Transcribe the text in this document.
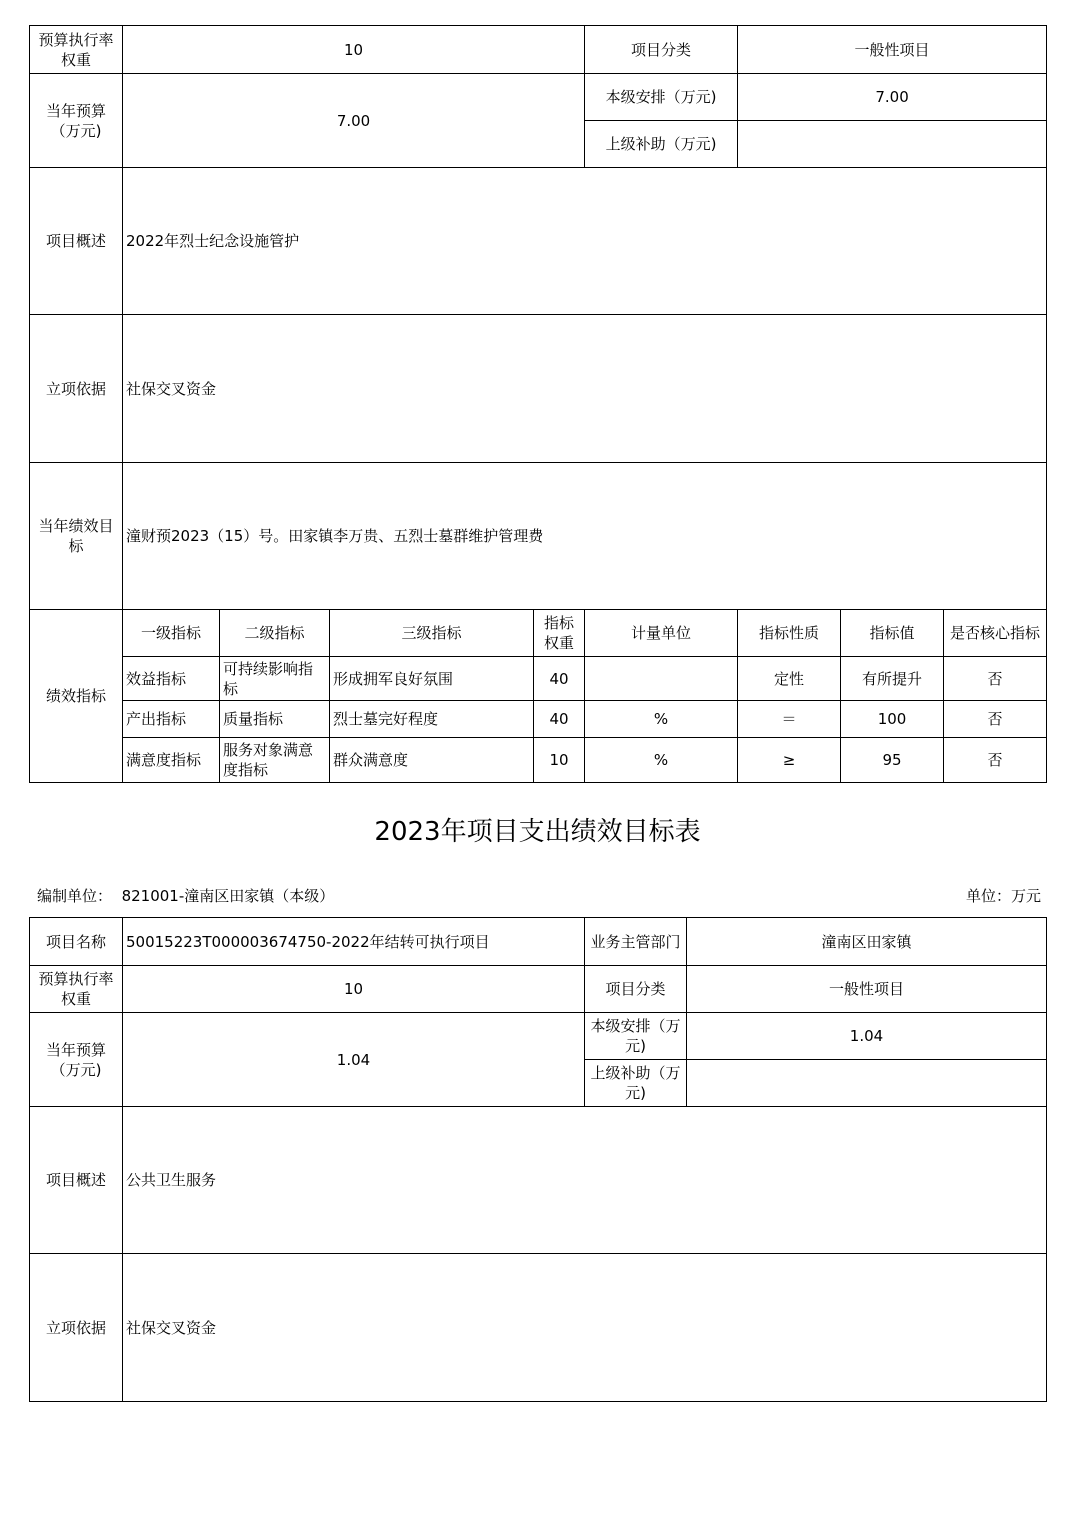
预算执行率权重	10				项目分类	一般性项目		
当年预算（万元)	7.00				本级安排（万元)	7.00		
					上级补助（万元)			
项目概述	2022年烈士纪念设施管护							
立项依据	社保交叉资金							
当年绩效目标	潼财预2023（15）号。田家镇李万贵、五烈士墓群维护管理费							
绩效指标	一级指标	二级指标	三级指标	指标权重	计量单位	指标性质	指标值	是否核心指标
	效益指标	可持续影响指标	形成拥军良好氛围	40		定性	有所提升	否
	产出指标	质量指标	烈士墓完好程度	40	%	＝	100	否
	满意度指标	服务对象满意度指标	群众满意度	10	%	≥	95	否
2023年项目支出绩效目标表
编制单位： 821001-潼南区田家镇（本级）	单位：万元
项目名称	50015223T000003674750-2022年结转可执行项目	业务主管部门	潼南区田家镇
预算执行率权重	10	项目分类	一般性项目
当年预算（万元)	1.04	本级安排（万元)	1.04
		上级补助（万元)	
项目概述	公共卫生服务		
立项依据	社保交叉资金		
